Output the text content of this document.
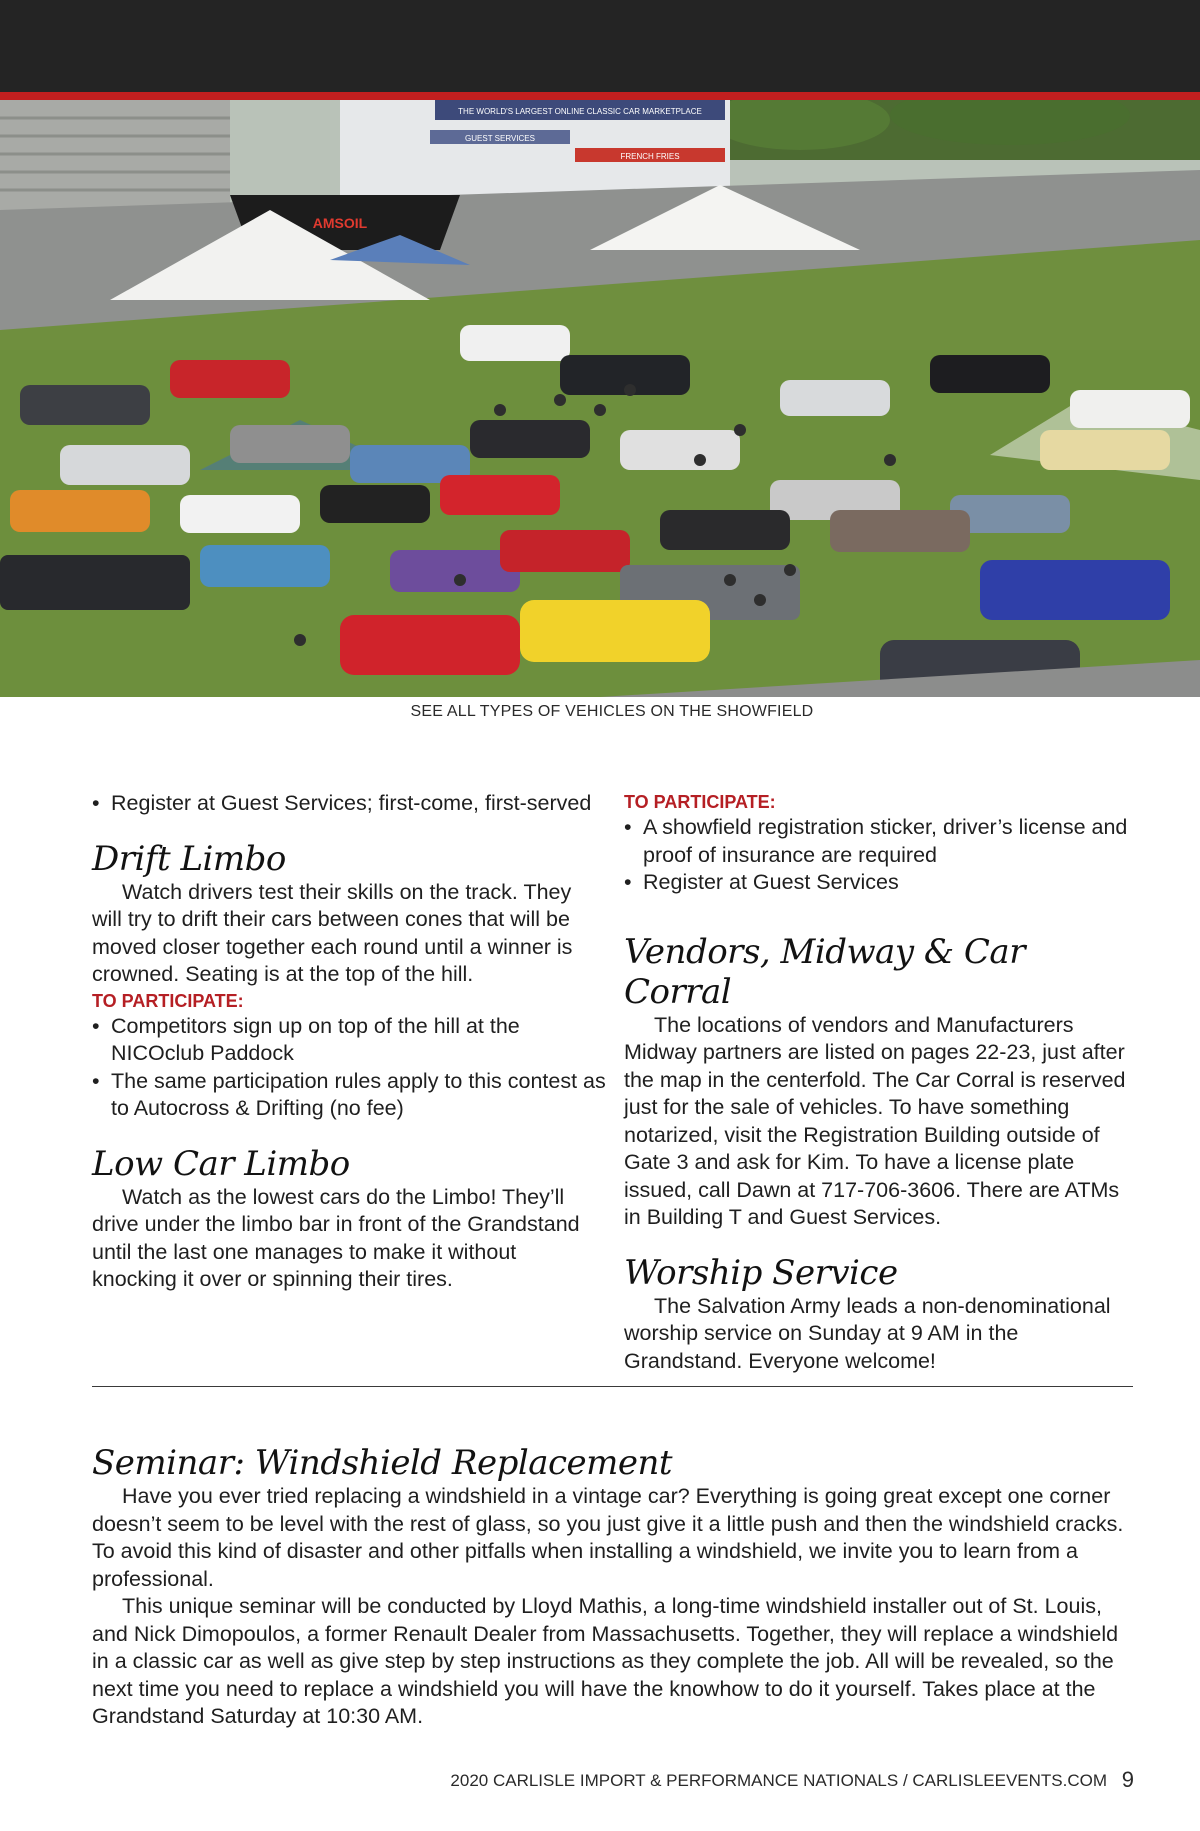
THE WORLD'S LARGEST ONLINE CLASSIC CAR MARKETPLACE
GUEST SERVICES
FRENCH FRIES
AMSOIL
SEE ALL TYPES OF VEHICLES ON THE SHOWFIELD
• Register at Guest Services; first-come, first-served
Drift Limbo

Watch drivers test their skills on the track. They will try to drift their cars between cones that will be moved closer together each round until a winner is crowned. Seating is at the top of the hill.

TO PARTICIPATE:

• Competitors sign up on top of the hill at the NICOclub Paddock
• The same participation rules apply to this contest as to Autocross & Drifting (no fee)
Low Car Limbo

Watch as the lowest cars do the Limbo! They’ll drive under the limbo bar in front of the Grandstand until the last one manages to make it without knocking it over or spinning their tires.

TO PARTICIPATE:

• A showfield registration sticker, driver’s license and proof of insurance are required
• Register at Guest Services
Vendors, Midway & Car Corral

The locations of vendors and Manufacturers Midway partners are listed on pages 22-23, just after the map in the centerfold. The Car Corral is reserved just for the sale of vehicles. To have something notarized, visit the Registration Building outside of Gate 3 and ask for Kim. To have a license plate issued, call Dawn at 717-706-3606. There are ATMs in Building T and Guest Services.

Worship Service

The Salvation Army leads a non-denominational worship service on Sunday at 9 AM in the Grandstand. Everyone welcome!

Seminar: Windshield Replacement

Have you ever tried replacing a windshield in a vintage car? Everything is going great except one corner doesn’t seem to be level with the rest of glass, so you just give it a little push and then the windshield cracks. To avoid this kind of disaster and other pitfalls when installing a windshield, we invite you to learn from a professional.

This unique seminar will be conducted by Lloyd Mathis, a long-time windshield installer out of St. Louis, and Nick Dimopoulos, a former Renault Dealer from Massachusetts. Together, they will replace a windshield in a classic car as well as give step by step instructions as they complete the job. All will be revealed, so the next time you need to replace a windshield you will have the knowhow to do it yourself. Takes place at the Grandstand Saturday at 10:30 AM.

2020 CARLISLE IMPORT & PERFORMANCE NATIONALS / CARLISLEEVENTS.COM 9
